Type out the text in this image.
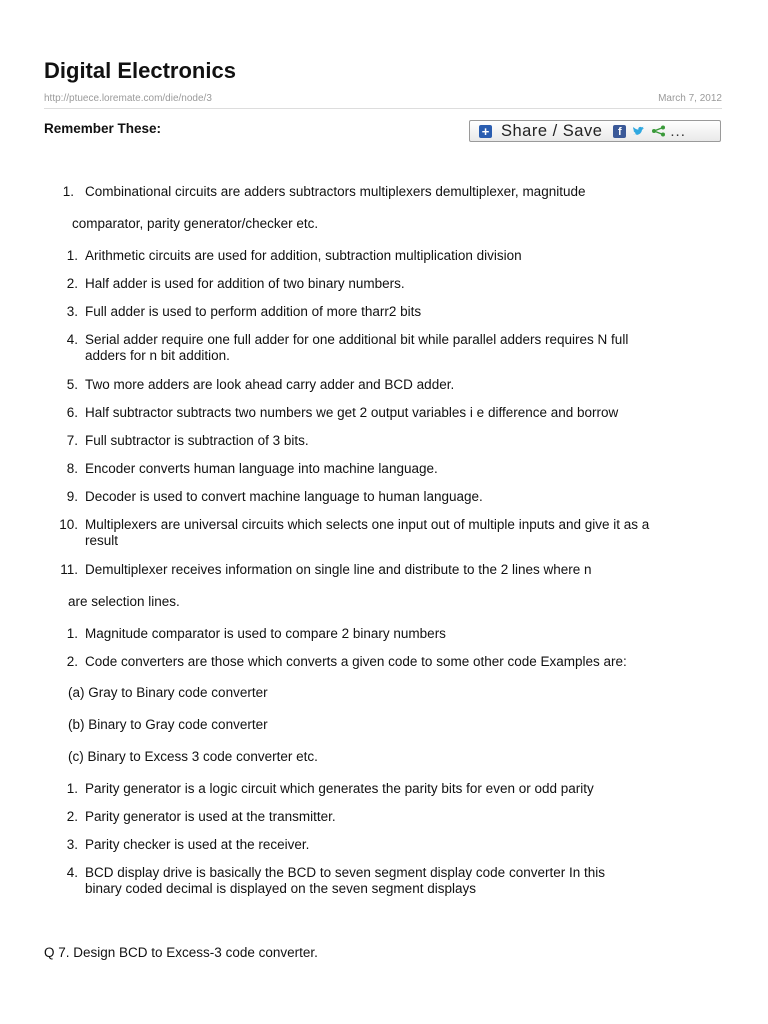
Digital Electronics
http://ptuece.loremate.com/die/node/3	March 7, 2012
Remember These:	+ Share / Save	f	...
1. Combinational circuits are adders subtractors multiplexers demultiplexer, magnitude
comparator, parity generator/checker etc.
1. Arithmetic circuits are used for addition, subtraction multiplication division
2. Half adder is used for addition of two binary numbers.
3. Full adder is used to perform addition of more tharr2 bits
4. Serial adder require one full adder for one additional bit while parallel adders requires N full
adders for n bit addition.
5. Two more adders are look ahead carry adder and BCD adder.
6. Half subtractor subtracts two numbers we get 2 output variables i e difference and borrow
7. Full subtractor is subtraction of 3 bits.
8. Encoder converts human language into machine language.
9. Decoder is used to convert machine language to human language.
10. Multiplexers are universal circuits which selects one input out of multiple inputs and give it as a
result
11. Demultiplexer receives information on single line and distribute to the 2 lines where n
are selection lines.
1. Magnitude comparator is used to compare 2 binary numbers
2. Code converters are those which converts a given code to some other code Examples are:
(a) Gray to Binary code converter
(b) Binary to Gray code converter
(c) Binary to Excess 3 code converter etc.
1. Parity generator is a logic circuit which generates the parity bits for even or odd parity
2. Parity generator is used at the transmitter.
3. Parity checker is used at the receiver.
4. BCD display drive is basically the BCD to seven segment display code converter In this
binary coded decimal is displayed on the seven segment displays
Q 7. Design BCD to Excess-3 code converter.
